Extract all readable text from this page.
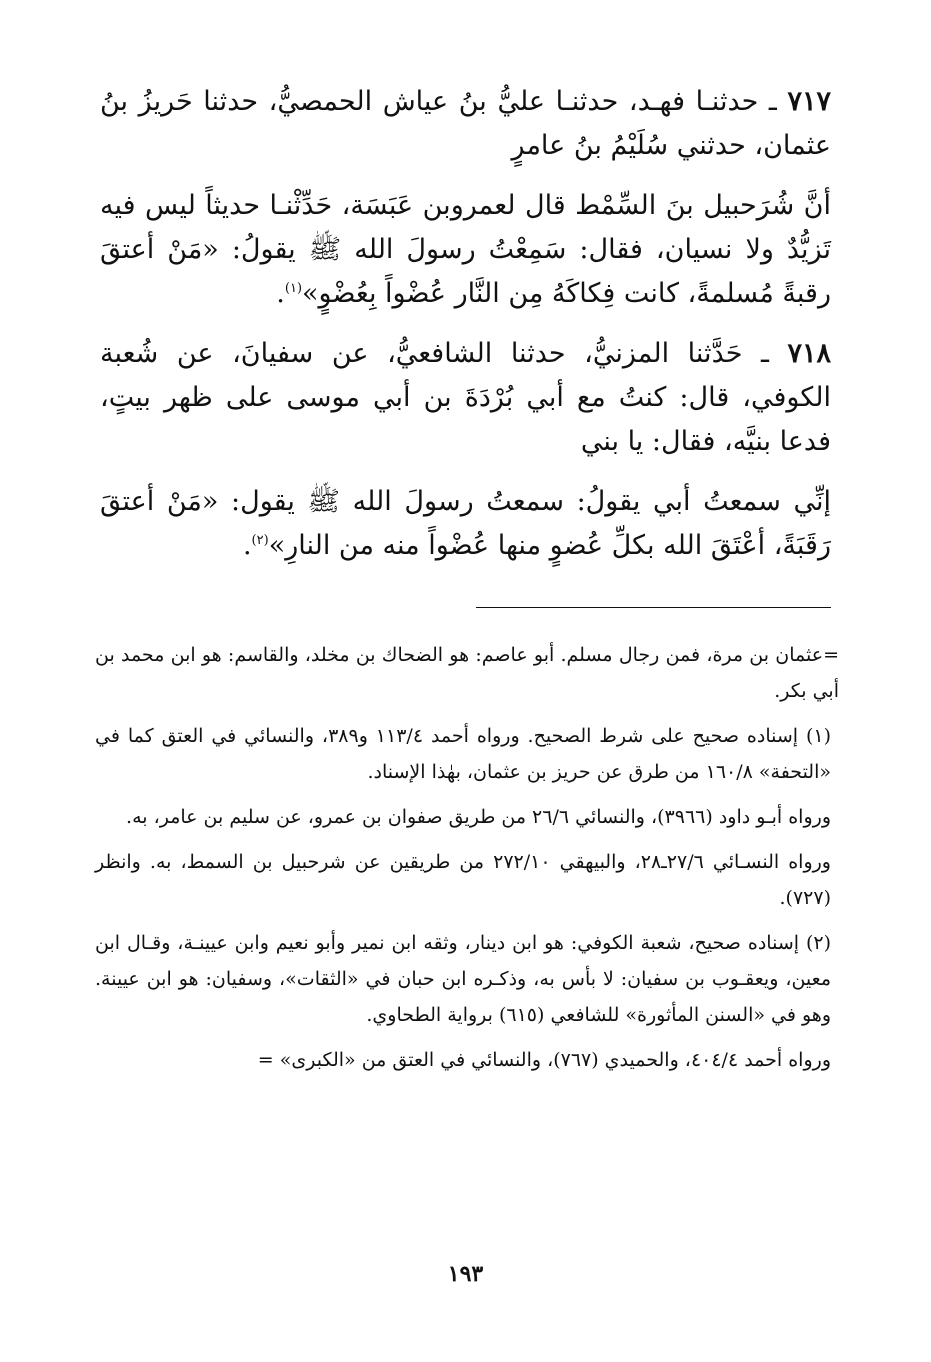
٧١٧ ـ حدثنـا فهـد، حدثنـا عليُّ بنُ عياش الحمصيُّ، حدثنا حَريزُ بنُ عثمان، حدثني سُلَيْمُ بنُ عامرٍ

أنَّ شُرَحبيل بنَ السِّمْط قال لعمروبن عَبَسَة، حَدِّثْنـا حديثاً ليس فيه تَزيُّدٌ ولا نسيان، فقال: سَمِعْتُ رسولَ الله ﷺ يقولُ: «مَنْ أعتقَ رقبةً مُسلمةً، كانت فِكاكَهُ مِن النَّار عُضْواً بِعُضْوٍ»$^{(١)}$.

٧١٨ ـ حَدَّثنا المزنيُّ، حدثنا الشافعيُّ، عن سفيانَ، عن شُعبة الكوفي، قال: كنتُ مع أبي بُرْدَةَ بن أبي موسى على ظهر بيتٍ، فدعا بنيَّه، فقال: يا بني

إنِّي سمعتُ أبي يقولُ: سمعتُ رسولَ الله ﷺ يقول: «مَنْ أعتقَ رَقَبَةً، أعْتَقَ الله بكلِّ عُضوٍ منها عُضْواً منه من النارِ»$^{(٢)}$.

=عثمان بن مرة، فمن رجال مسلم. أبو عاصم: هو الضحاك بن مخلد، والقاسم: هو ابن محمد بن أبي بكر.

(١) إسناده صحيح على شرط الصحيح. ورواه أحمد ١١٣/٤ و٣٨٩، والنسائي في العتق كما في «التحفة» ١٦٠/٨ من طرق عن حريز بن عثمان، بهٰذا الإسناد.

ورواه أبـو داود (٣٩٦٦)، والنسائي ٢٦/٦ من طريق صفوان بن عمرو، عن سليم بن عامر، به.

ورواه النسـائي ٢٧/٦ـ٢٨، والبيهقي ٢٧٢/١٠ من طريقين عن شرحبيل بن السمط، به. وانظر (٧٢٧).

(٢) إسناده صحيح، شعبة الكوفي: هو ابن دينار، وثقه ابن نمير وأبو نعيم وابن عيينـة، وقـال ابن معين، ويعقـوب بن سفيان: لا بأس به، وذكـره ابن حبان في «الثقات»، وسفيان: هو ابن عيينة. وهو في «السنن المأثورة» للشافعي (٦١٥) برواية الطحاوي.

ورواه أحمد ٤٠٤/٤، والحميدي (٧٦٧)، والنسائي في العتق من «الكبرى» =

١٩٣
